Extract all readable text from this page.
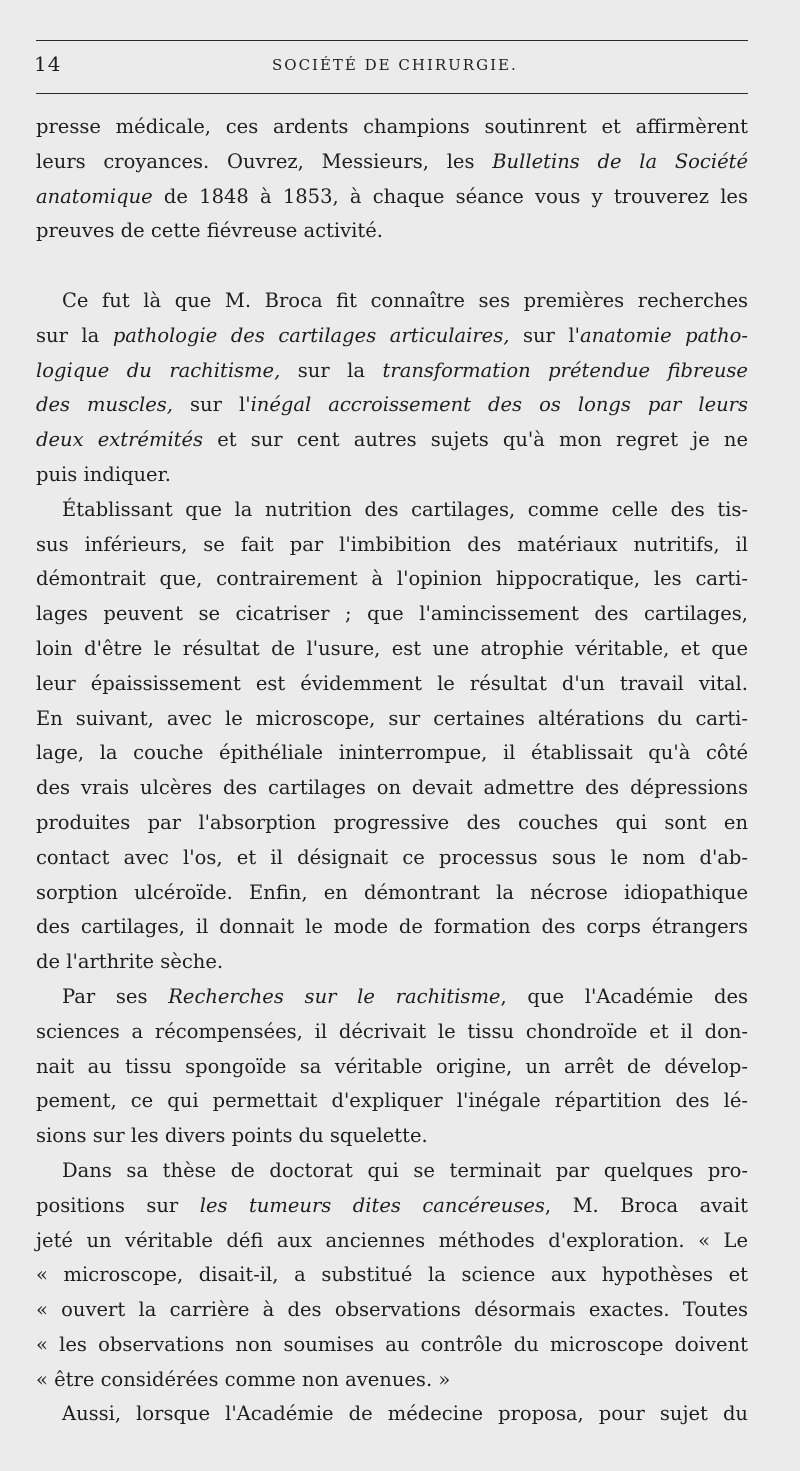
14	SOCIÉTÉ DE CHIRURGIE.
presse médicale, ces ardents champions soutinrent et affirmèrent
leurs croyances. Ouvrez, Messieurs, les Bulletins de la Société
anatomique de 1848 à 1853, à chaque séance vous y trouverez les
preuves de cette fiévreuse activité.
Ce fut là que M. Broca fit connaître ses premières recherches
sur la pathologie des cartilages articulaires, sur l'anatomie patho-
logique du rachitisme, sur la transformation prétendue fibreuse
des muscles, sur l'inégal accroissement des os longs par leurs
deux extrémités et sur cent autres sujets qu'à mon regret je ne
puis indiquer.
Établissant que la nutrition des cartilages, comme celle des tis-
sus inférieurs, se fait par l'imbibition des matériaux nutritifs, il
démontrait que, contrairement à l'opinion hippocratique, les carti-
lages peuvent se cicatriser ; que l'amincissement des cartilages,
loin d'être le résultat de l'usure, est une atrophie véritable, et que
leur épaississement est évidemment le résultat d'un travail vital.
En suivant, avec le microscope, sur certaines altérations du carti-
lage, la couche épithéliale ininterrompue, il établissait qu'à côté
des vrais ulcères des cartilages on devait admettre des dépressions
produites par l'absorption progressive des couches qui sont en
contact avec l'os, et il désignait ce processus sous le nom d'ab-
sorption ulcéroïde. Enfin, en démontrant la nécrose idiopathique
des cartilages, il donnait le mode de formation des corps étrangers
de l'arthrite sèche.
Par ses Recherches sur le rachitisme, que l'Académie des
sciences a récompensées, il décrivait le tissu chondroïde et il don-
nait au tissu spongoïde sa véritable origine, un arrêt de dévelop-
pement, ce qui permettait d'expliquer l'inégale répartition des lé-
sions sur les divers points du squelette.
Dans sa thèse de doctorat qui se terminait par quelques pro-
positions sur les tumeurs dites cancéreuses, M. Broca avait
jeté un véritable défi aux anciennes méthodes d'exploration. « Le
« microscope, disait-il, a substitué la science aux hypothèses et
« ouvert la carrière à des observations désormais exactes. Toutes
« les observations non soumises au contrôle du microscope doivent
« être considérées comme non avenues. »
Aussi, lorsque l'Académie de médecine proposa, pour sujet du
